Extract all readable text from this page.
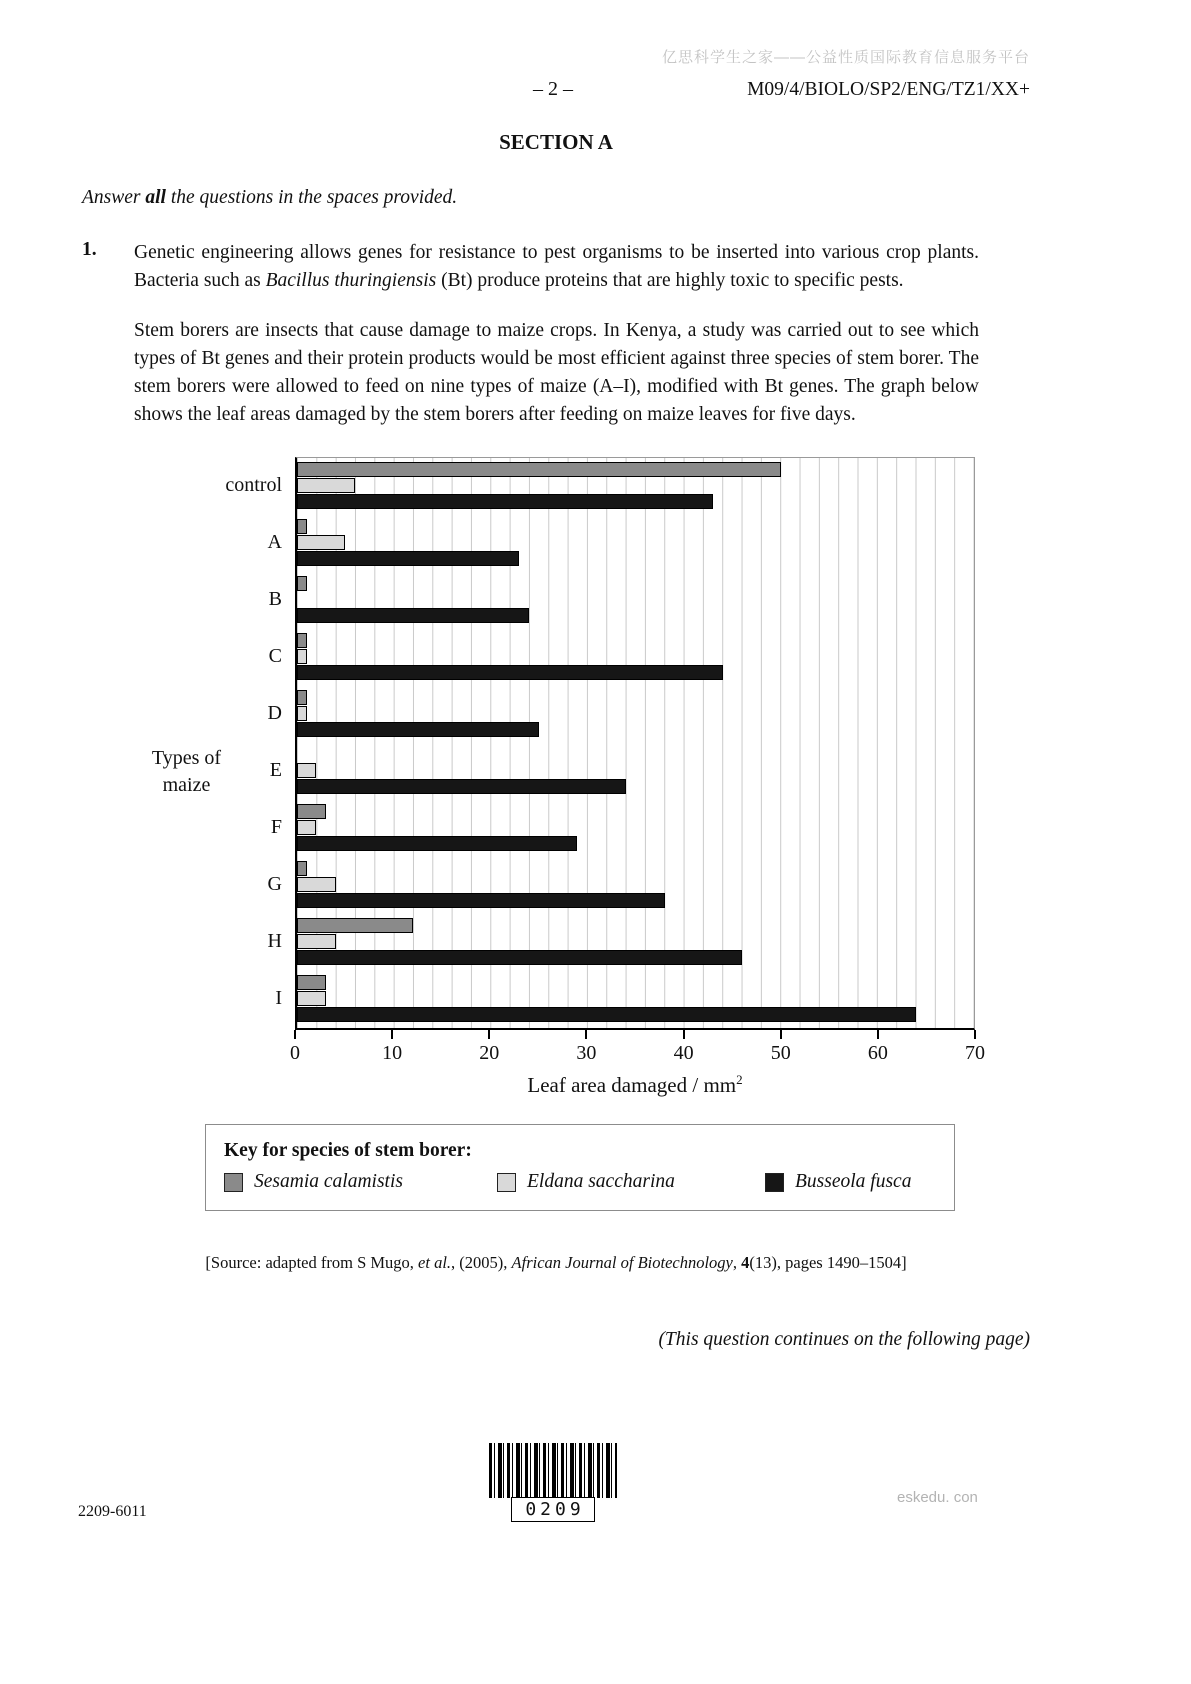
亿思科学生之家——公益性质国际教育信息服务平台
– 2 –	M09/4/BIOLO/SP2/ENG/TZ1/XX+
SECTION A
Answer all the questions in the spaces provided.
1.	Genetic engineering allows genes for resistance to pest organisms to be inserted into various crop plants. Bacteria such as Bacillus thuringiensis (Bt) produce proteins that are highly toxic to specific pests.

Stem borers are insects that cause damage to maize crops. In Kenya, a study was carried out to see which types of Bt genes and their protein products would be most efficient against three species of stem borer. The stem borers were allowed to feed on nine types of maize (A–I), modified with Bt genes. The graph below shows the leaf areas damaged by the stem borers after feeding on maize leaves for five days.

Types of
maize
control
A
B
C
D
E
F
G
H
I
0	10	20	30	40	50	60	70
Leaf area damaged / $mm^2$
Key for species of stem borer:
Sesamia calamistis	Eldana saccharina	Busseola fusca
[Source: adapted from S Mugo, et al., (2005), African Journal of Biotechnology, 4(13), pages 1490–1504]
(This question continues on the following page)
2209-6011	0209
eskedu. con
